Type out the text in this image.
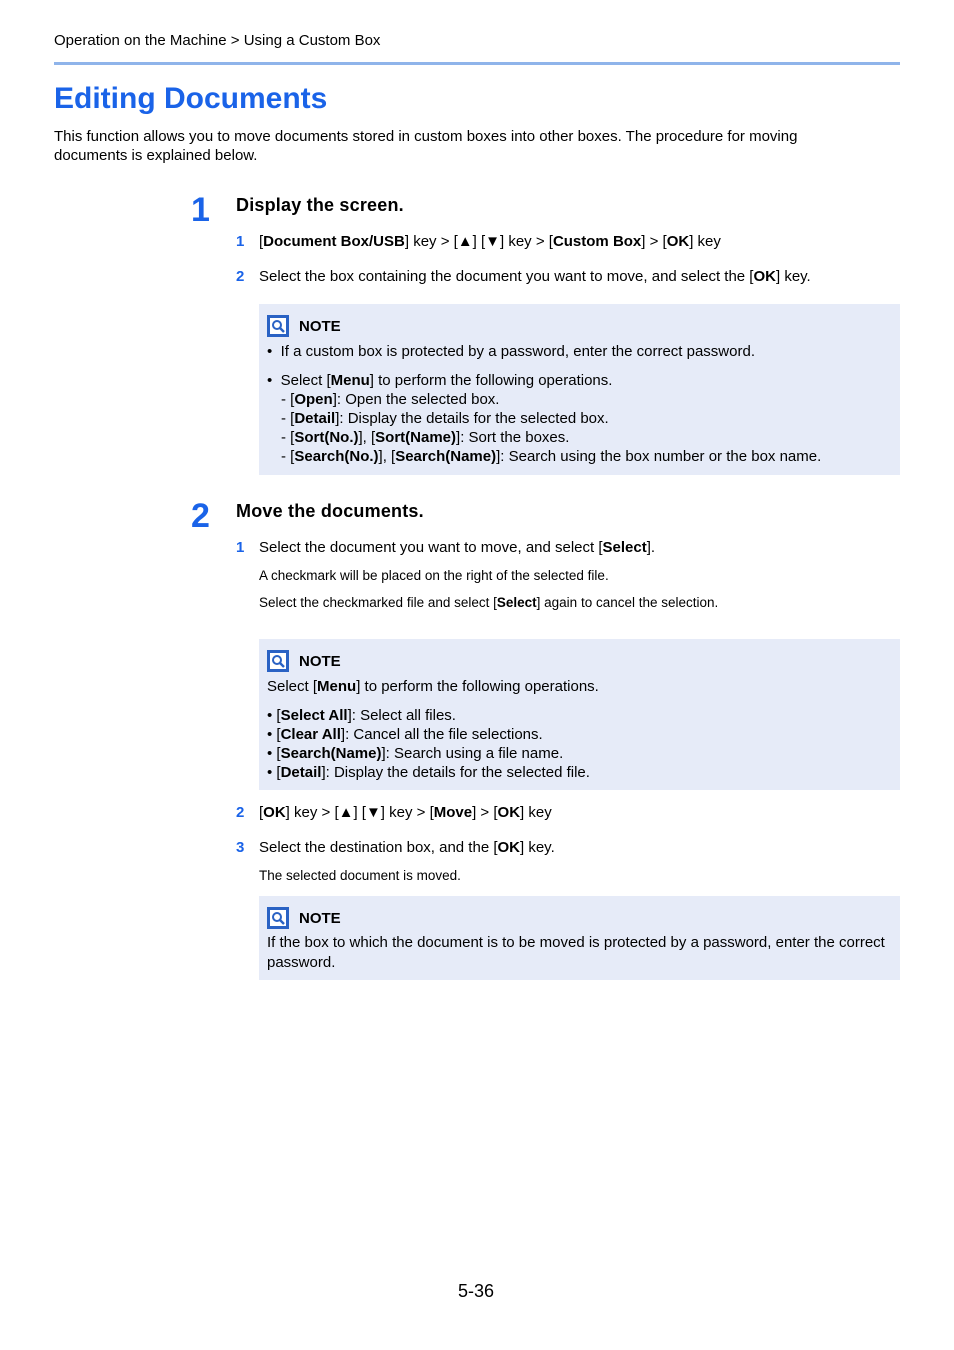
Operation on the Machine > Using a Custom Box
Editing Documents
This function allows you to move documents stored in custom boxes into other boxes. The procedure for moving documents is explained below.
1 Display the screen.
1 [Document Box/USB] key > [▲] [▼] key > [Custom Box] > [OK] key
2 Select the box containing the document you want to move, and select the [OK] key.
NOTE
•  If a custom box is protected by a password, enter the correct password.
•  Select [Menu] to perform the following operations.
- [Open]: Open the selected box.
- [Detail]: Display the details for the selected box.
- [Sort(No.)], [Sort(Name)]: Sort the boxes.
- [Search(No.)], [Search(Name)]: Search using the box number or the box name.
2 Move the documents.
1 Select the document you want to move, and select [Select].
A checkmark will be placed on the right of the selected file.
Select the checkmarked file and select [Select] again to cancel the selection.
NOTE
Select [Menu] to perform the following operations.
• [Select All]: Select all files.
• [Clear All]: Cancel all the file selections.
• [Search(Name)]: Search using a file name.
• [Detail]: Display the details for the selected file.
2 [OK] key > [▲] [▼] key > [Move] > [OK] key
3 Select the destination box, and the [OK] key.
The selected document is moved.
NOTE
If the box to which the document is to be moved is protected by a password, enter the correct password.
5-36
